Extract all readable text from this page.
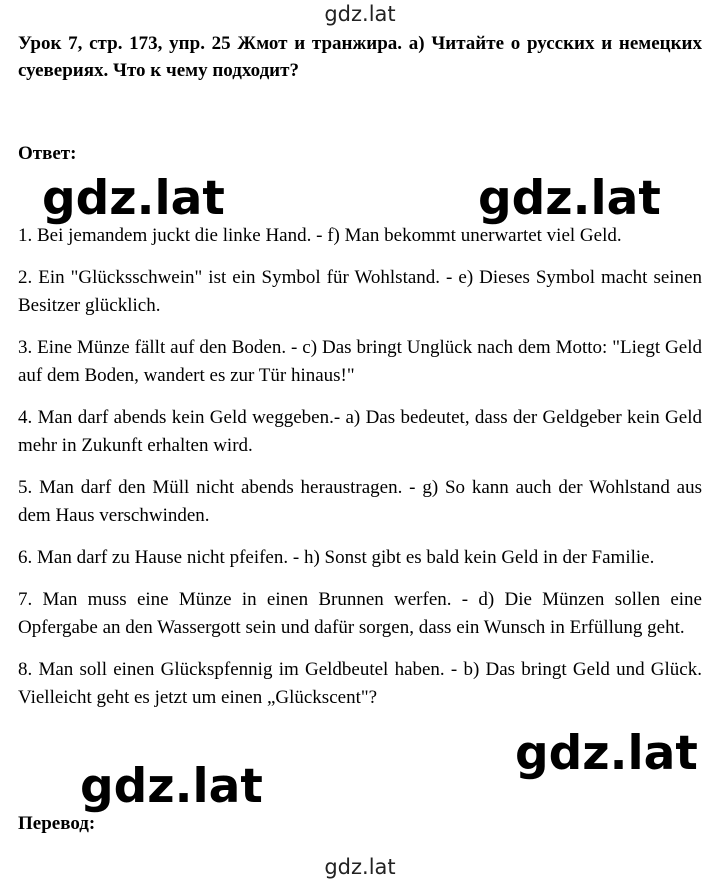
gdz.lat

Урок 7, стр. 173, упр. 25 Жмот и транжира. а) Читайте о русских и немецких суевериях. Что к чему подходит?

Ответ:

gdz.lat	gdz.lat

1. Bei jemandem juckt die linke Hand. - f) Man bekommt unerwartet viel Geld.

2. Ein "Glücksschwein" ist ein Symbol für Wohlstand. - e) Dieses Symbol macht seinen Besitzer glücklich.

3. Eine Münze fällt auf den Boden. - c) Das bringt Unglück nach dem Motto: "Liegt Geld auf dem Boden, wandert es zur Tür hinaus!"

4. Man darf abends kein Geld weggeben.- a) Das bedeutet, dass der Geldgeber kein Geld mehr in Zukunft erhalten wird.

5. Man darf den Müll nicht abends heraustragen. - g) So kann auch der Wohlstand aus dem Haus verschwinden.

6. Man darf zu Hause nicht pfeifen. - h) Sonst gibt es bald kein Geld in der Familie.

7. Man muss eine Münze in einen Brunnen werfen. - d) Die Münzen sollen eine Opfergabe an den Wassergott sein und dafür sorgen, dass ein Wunsch in Erfüllung geht.

8. Man soll einen Glückspfennig im Geldbeutel haben. - b) Das bringt Geld und Glück. Vielleicht geht es jetzt um einen „Glückscent"?

gdz.lat
gdz.lat

Перевод:

gdz.lat
